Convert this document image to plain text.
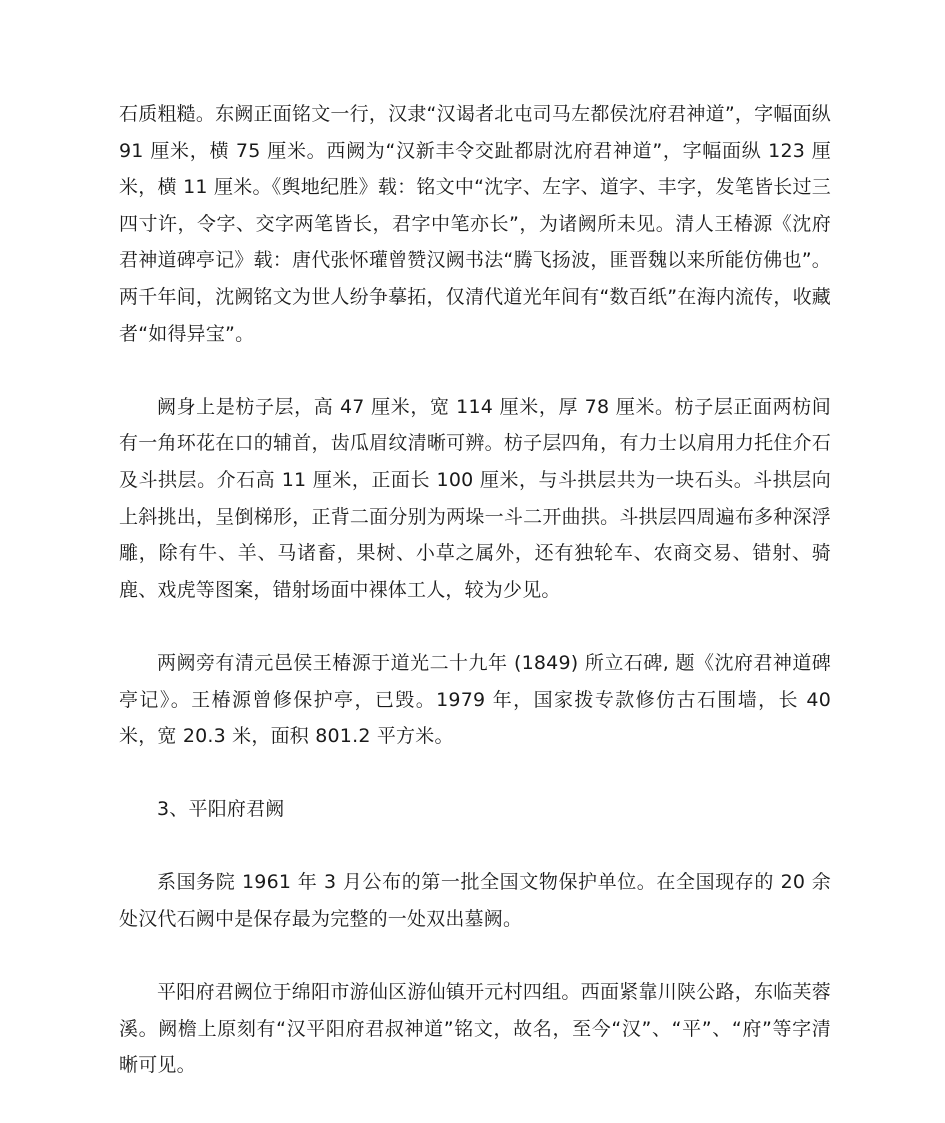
石质粗糙。东阙正面铭文一行，汉隶“汉谒者北屯司马左都侯沈府君神道”，字幅面纵 91 厘米，横 75 厘米。西阙为“汉新丰令交趾都尉沈府君神道”，字幅面纵 123 厘米，横 11 厘米。《舆地纪胜》载：铭文中“沈字、左字、道字、丰字，发笔皆长过三四寸许，令字、交字两笔皆长，君字中笔亦长”，为诸阙所未见。清人王椿源《沈府君神道碑亭记》载：唐代张怀瓘曾赞汉阙书法“腾飞扬波，匪晋魏以来所能仿佛也”。两千年间，沈阙铭文为世人纷争摹拓，仅清代道光年间有“数百纸”在海内流传，收藏者“如得异宝”。

阙身上是枋子层，高 47 厘米，宽 114 厘米，厚 78 厘米。枋子层正面两枋间有一角环花在口的辅首，齿瓜眉纹清晰可辨。枋子层四角，有力士以肩用力托住介石及斗拱层。介石高 11 厘米，正面长 100 厘米，与斗拱层共为一块石头。斗拱层向上斜挑出，呈倒梯形，正背二面分别为两垛一斗二开曲拱。斗拱层四周遍布多种深浮雕，除有牛、羊、马诸畜，果树、小草之属外，还有独轮车、农商交易、错射、骑鹿、戏虎等图案，错射场面中裸体工人，较为少见。

两阙旁有清元邑侯王椿源于道光二十九年 (1849) 所立石碑, 题《沈府君神道碑亭记》。王椿源曾修保护亭，已毁。1979 年，国家拨专款修仿古石围墙，长 40 米，宽 20.3 米，面积 801.2 平方米。

3、平阳府君阙

系国务院 1961 年 3 月公布的第一批全国文物保护单位。在全国现存的 20 余处汉代石阙中是保存最为完整的一处双出墓阙。

平阳府君阙位于绵阳市游仙区游仙镇开元村四组。西面紧靠川陕公路，东临芙蓉溪。阙檐上原刻有“汉平阳府君叔神道”铭文，故名，至今“汉”、“平”、“府”等字清晰可见。
